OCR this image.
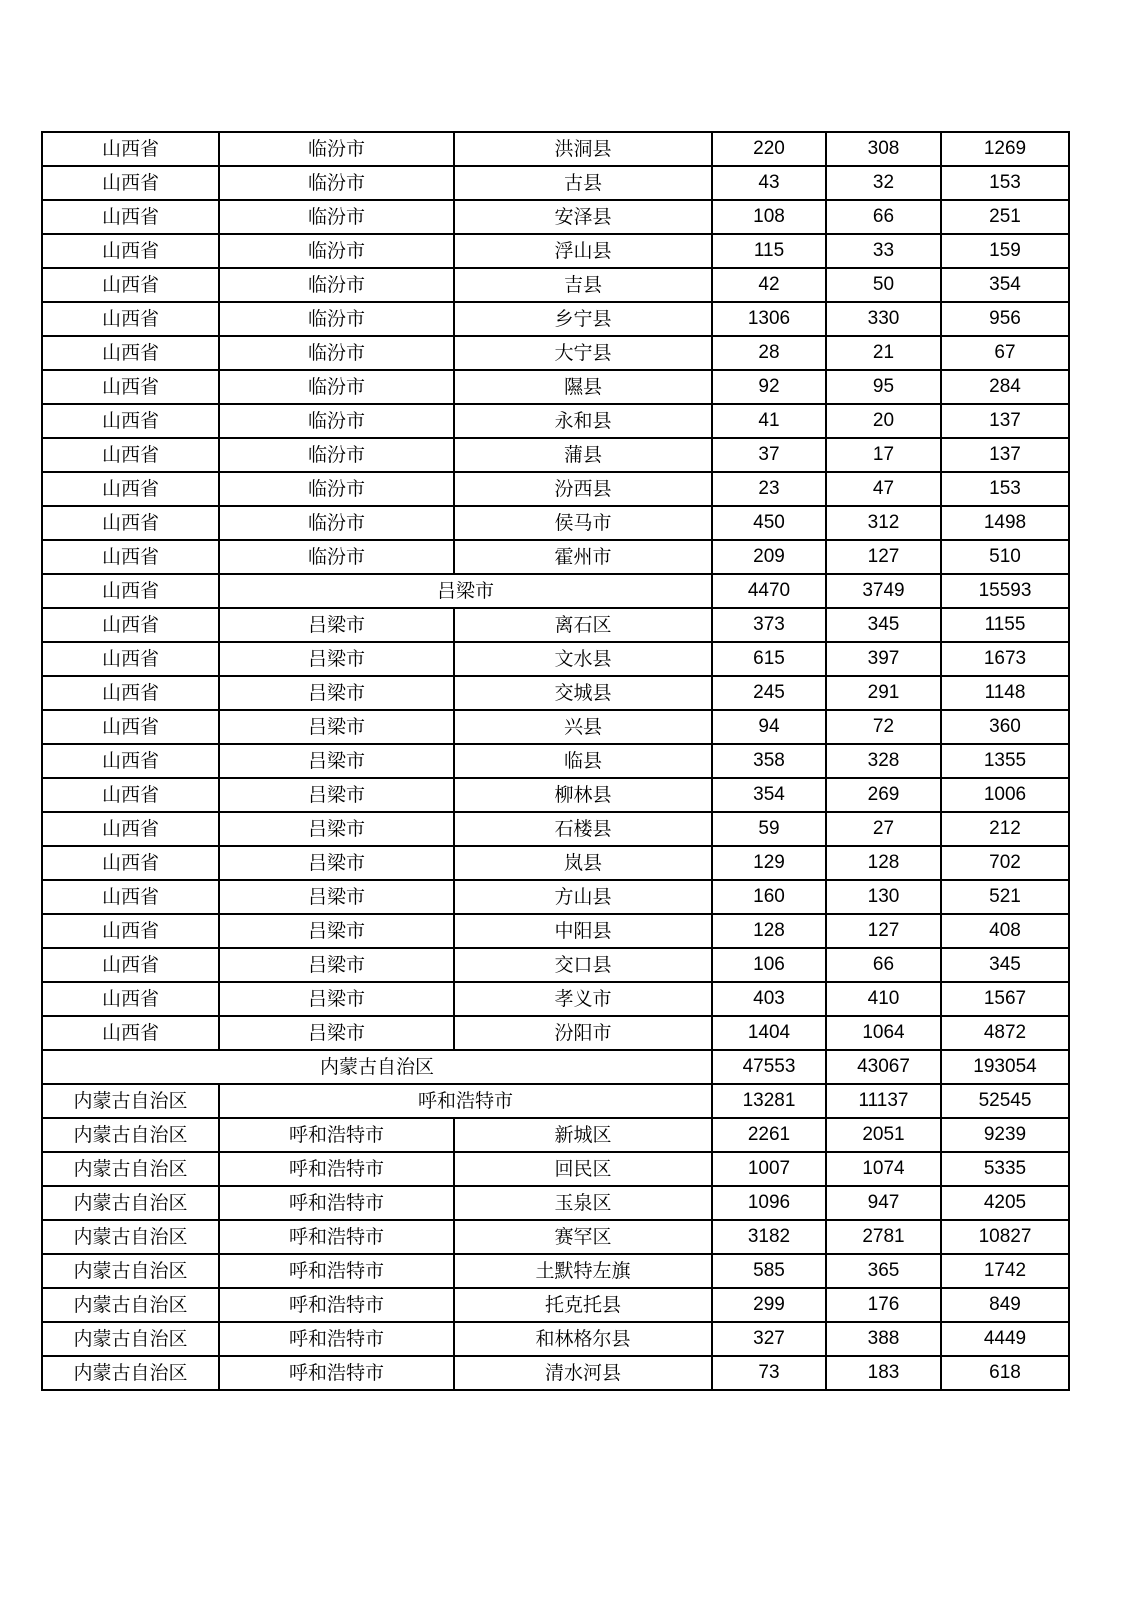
山西省	临汾市	洪洞县	220	308	1269
山西省	临汾市	古县	43	32	153
山西省	临汾市	安泽县	108	66	251
山西省	临汾市	浮山县	115	33	159
山西省	临汾市	吉县	42	50	354
山西省	临汾市	乡宁县	1306	330	956
山西省	临汾市	大宁县	28	21	67
山西省	临汾市	隰县	92	95	284
山西省	临汾市	永和县	41	20	137
山西省	临汾市	蒲县	37	17	137
山西省	临汾市	汾西县	23	47	153
山西省	临汾市	侯马市	450	312	1498
山西省	临汾市	霍州市	209	127	510
山西省	吕梁市		4470	3749	15593
山西省	吕梁市	离石区	373	345	1155
山西省	吕梁市	文水县	615	397	1673
山西省	吕梁市	交城县	245	291	1148
山西省	吕梁市	兴县	94	72	360
山西省	吕梁市	临县	358	328	1355
山西省	吕梁市	柳林县	354	269	1006
山西省	吕梁市	石楼县	59	27	212
山西省	吕梁市	岚县	129	128	702
山西省	吕梁市	方山县	160	130	521
山西省	吕梁市	中阳县	128	127	408
山西省	吕梁市	交口县	106	66	345
山西省	吕梁市	孝义市	403	410	1567
山西省	吕梁市	汾阳市	1404	1064	4872
内蒙古自治区			47553	43067	193054
内蒙古自治区	呼和浩特市		13281	11137	52545
内蒙古自治区	呼和浩特市	新城区	2261	2051	9239
内蒙古自治区	呼和浩特市	回民区	1007	1074	5335
内蒙古自治区	呼和浩特市	玉泉区	1096	947	4205
内蒙古自治区	呼和浩特市	赛罕区	3182	2781	10827
内蒙古自治区	呼和浩特市	土默特左旗	585	365	1742
内蒙古自治区	呼和浩特市	托克托县	299	176	849
内蒙古自治区	呼和浩特市	和林格尔县	327	388	4449
内蒙古自治区	呼和浩特市	清水河县	73	183	618
